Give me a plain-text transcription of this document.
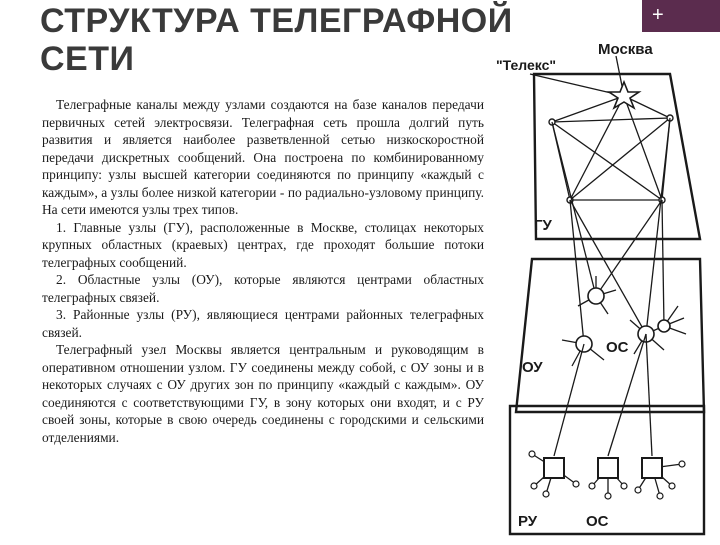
СТРУКТУРА ТЕЛЕГРАФНОЙ СЕТИ
+

Телеграфные каналы между узлами создаются на базе каналов передачи первичных сетей электросвязи. Телеграфная сеть прошла долгий путь развития и является наиболее разветвленной сетью низкоскоростной передачи дискретных сообщений. Она построена по комбинированному принципу: узлы высшей категории соединяются по принципу «каждый с каждым», а узлы более низкой категории - по радиально-узловому принципу. На сети имеются узлы трех типов.

1. Главные узлы (ГУ), расположенные в Москве, столицах некоторых крупных областных (краевых) центрах, где проходят большие потоки телеграфных сообщений.

2. Областные узлы (ОУ), которые являются центрами областных телеграфных связей.

3. Районные узлы (РУ), являющиеся центрами районных телеграфных связей.

Телеграфный узел Москвы является центральным и руководящим в оперативном отношении узлом. ГУ соединены между собой, с ОУ зоны и в некоторых случаях с ОУ других зон по принципу «каждый с каждым». ОУ соединяются с соответствующими ГУ, в зону которых они входят, и с РУ своей зоны, которые в свою очередь соединены с городскими и сельскими отделениями.

"Телекс"
Москва
ГУ
ОУ
ОС
РУ	ОС
